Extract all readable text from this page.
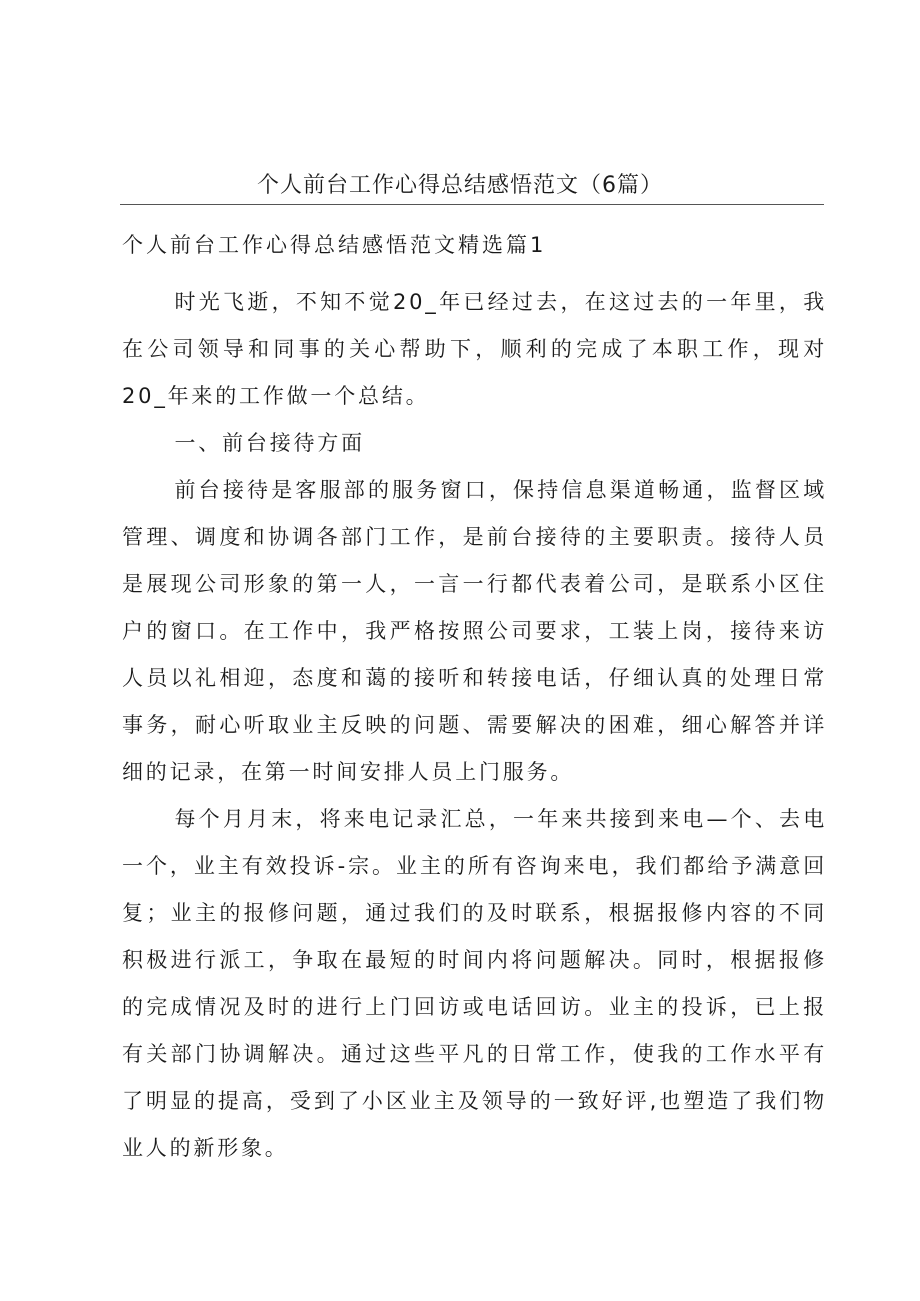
个人前台工作心得总结感悟范文（6篇）
个人前台工作心得总结感悟范文精选篇1

时光飞逝，不知不觉20_年已经过去，在这过去的一年里，我在公司领导和同事的关心帮助下，顺利的完成了本职工作，现对20_年来的工作做一个总结。

一、前台接待方面

前台接待是客服部的服务窗口，保持信息渠道畅通，监督区域管理、调度和协调各部门工作，是前台接待的主要职责。接待人员是展现公司形象的第一人，一言一行都代表着公司，是联系小区住户的窗口。在工作中，我严格按照公司要求，工装上岗，接待来访人员以礼相迎，态度和蔼的接听和转接电话，仔细认真的处理日常事务，耐心听取业主反映的问题、需要解决的困难，细心解答并详细的记录，在第一时间安排人员上门服务。

每个月月末，将来电记录汇总，一年来共接到来电—个、去电一个，业主有效投诉-宗。业主的所有咨询来电，我们都给予满意回复；业主的报修问题，通过我们的及时联系，根据报修内容的不同积极进行派工，争取在最短的时间内将问题解决。同时，根据报修的完成情况及时的进行上门回访或电话回访。业主的投诉，已上报有关部门协调解决。通过这些平凡的日常工作，使我的工作水平有了明显的提高，受到了小区业主及领导的一致好评,也塑造了我们物业人的新形象。
